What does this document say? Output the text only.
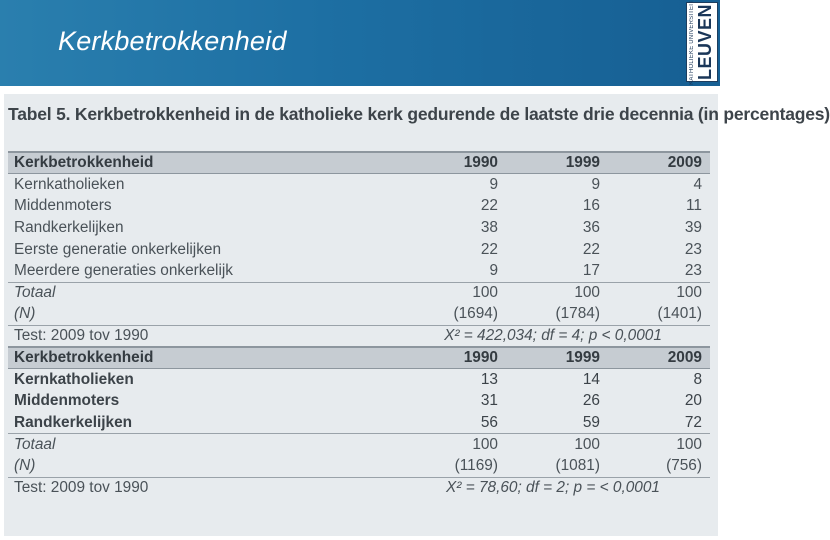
Kerkbetrokkenheid	KATHOLIEKE UNIVERSITEIT LEUVEN
Tabel 5. Kerkbetrokkenheid in de katholieke kerk gedurende de laatste drie decennia (in percentages)
Kerkbetrokkenheid	1990	1999	2009
Kernkatholieken	9	9	4
Middenmoters	22	16	11
Randkerkelijken	38	36	39
Eerste generatie onkerkelijken	22	22	23
Meerdere generaties onkerkelijk	9	17	23
Totaal	100	100	100
(N)	(1694)	(1784)	(1401)
Test: 2009 tov 1990	X² = 422,034; df = 4; p < 0,0001		
Kerkbetrokkenheid	1990	1999	2009
Kernkatholieken	13	14	8
Middenmoters	31	26	20
Randkerkelijken	56	59	72
Totaal	100	100	100
(N)	(1169)	(1081)	(756)
Test: 2009 tov 1990	X² = 78,60; df = 2; p = < 0,0001		
